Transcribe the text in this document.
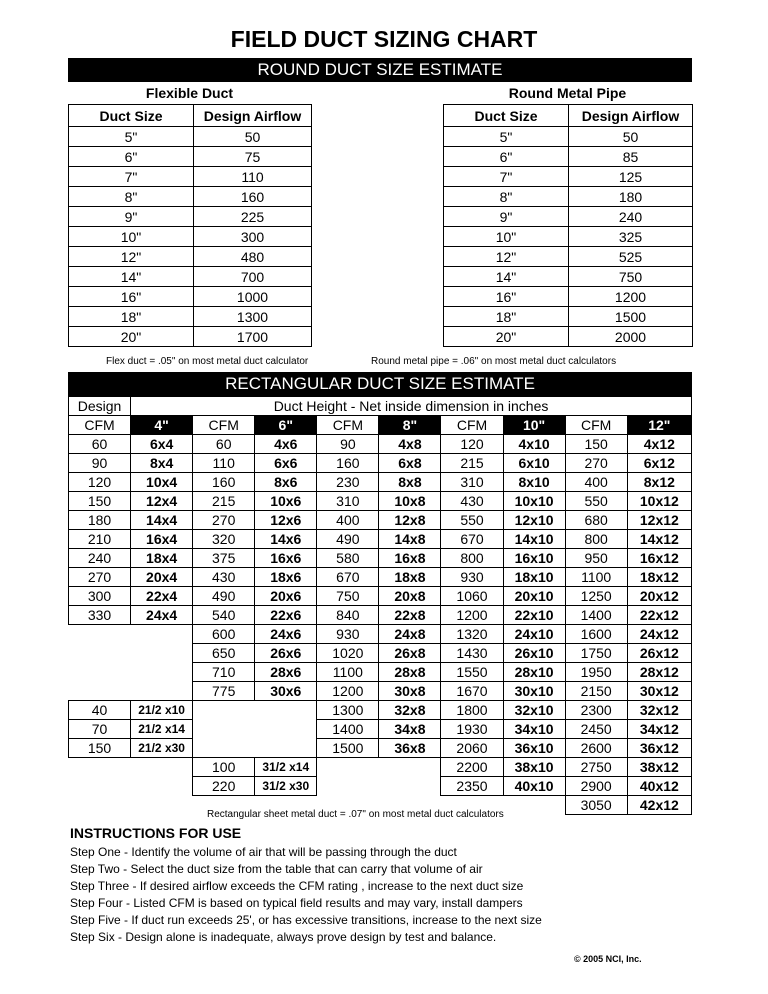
FIELD DUCT SIZING CHART
ROUND DUCT SIZE ESTIMATE
Flexible Duct	Round Metal Pipe
Duct Size	Design Airflow
5"	50
6"	75
7"	110
8"	160
9"	225
10"	300
12"	480
14"	700
16"	1000
18"	1300
20"	1700
Duct Size	Design Airflow
5"	50
6"	85
7"	125
8"	180
9"	240
10"	325
12"	525
14"	750
16"	1200
18"	1500
20"	2000
Flex duct = .05" on most metal duct calculator	Round metal pipe = .06" on most metal duct calculators
RECTANGULAR DUCT SIZE ESTIMATE
Design	Duct Height - Net inside dimension in inches								
CFM	4"	CFM	6"	CFM	8"	CFM	10"	CFM	12"
60	6x4	60	4x6	90	4x8	120	4x10	150	4x12
90	8x4	110	6x6	160	6x8	215	6x10	270	6x12
120	10x4	160	8x6	230	8x8	310	8x10	400	8x12
150	12x4	215	10x6	310	10x8	430	10x10	550	10x12
180	14x4	270	12x6	400	12x8	550	12x10	680	12x12
210	16x4	320	14x6	490	14x8	670	14x10	800	14x12
240	18x4	375	16x6	580	16x8	800	16x10	950	16x12
270	20x4	430	18x6	670	18x8	930	18x10	1100	18x12
300	22x4	490	20x6	750	20x8	1060	20x10	1250	20x12
330	24x4	540	22x6	840	22x8	1200	22x10	1400	22x12
		600	24x6	930	24x8	1320	24x10	1600	24x12
		650	26x6	1020	26x8	1430	26x10	1750	26x12
		710	28x6	1100	28x8	1550	28x10	1950	28x12
		775	30x6	1200	30x8	1670	30x10	2150	30x12
40	21/2 x10			1300	32x8	1800	32x10	2300	32x12
70	21/2 x14			1400	34x8	1930	34x10	2450	34x12
150	21/2 x30			1500	36x8	2060	36x10	2600	36x12
		100	31/2 x14			2200	38x10	2750	38x12
		220	31/2 x30			2350	40x10	2900	40x12
								3050	42x12
Rectangular sheet metal duct = .07" on most metal duct calculators
INSTRUCTIONS FOR USE
Step One - Identify the volume of air that will be passing through the duct
Step Two - Select the duct size from the table that can carry that volume of air
Step Three - If desired airflow exceeds the CFM rating , increase to the next duct size
Step Four - Listed CFM is based on typical field results and may vary, install dampers
Step Five - If duct run exceeds 25', or has excessive transitions, increase to the next size
Step Six - Design alone is inadequate, always prove design by test and balance.
© 2005 NCI, Inc.
